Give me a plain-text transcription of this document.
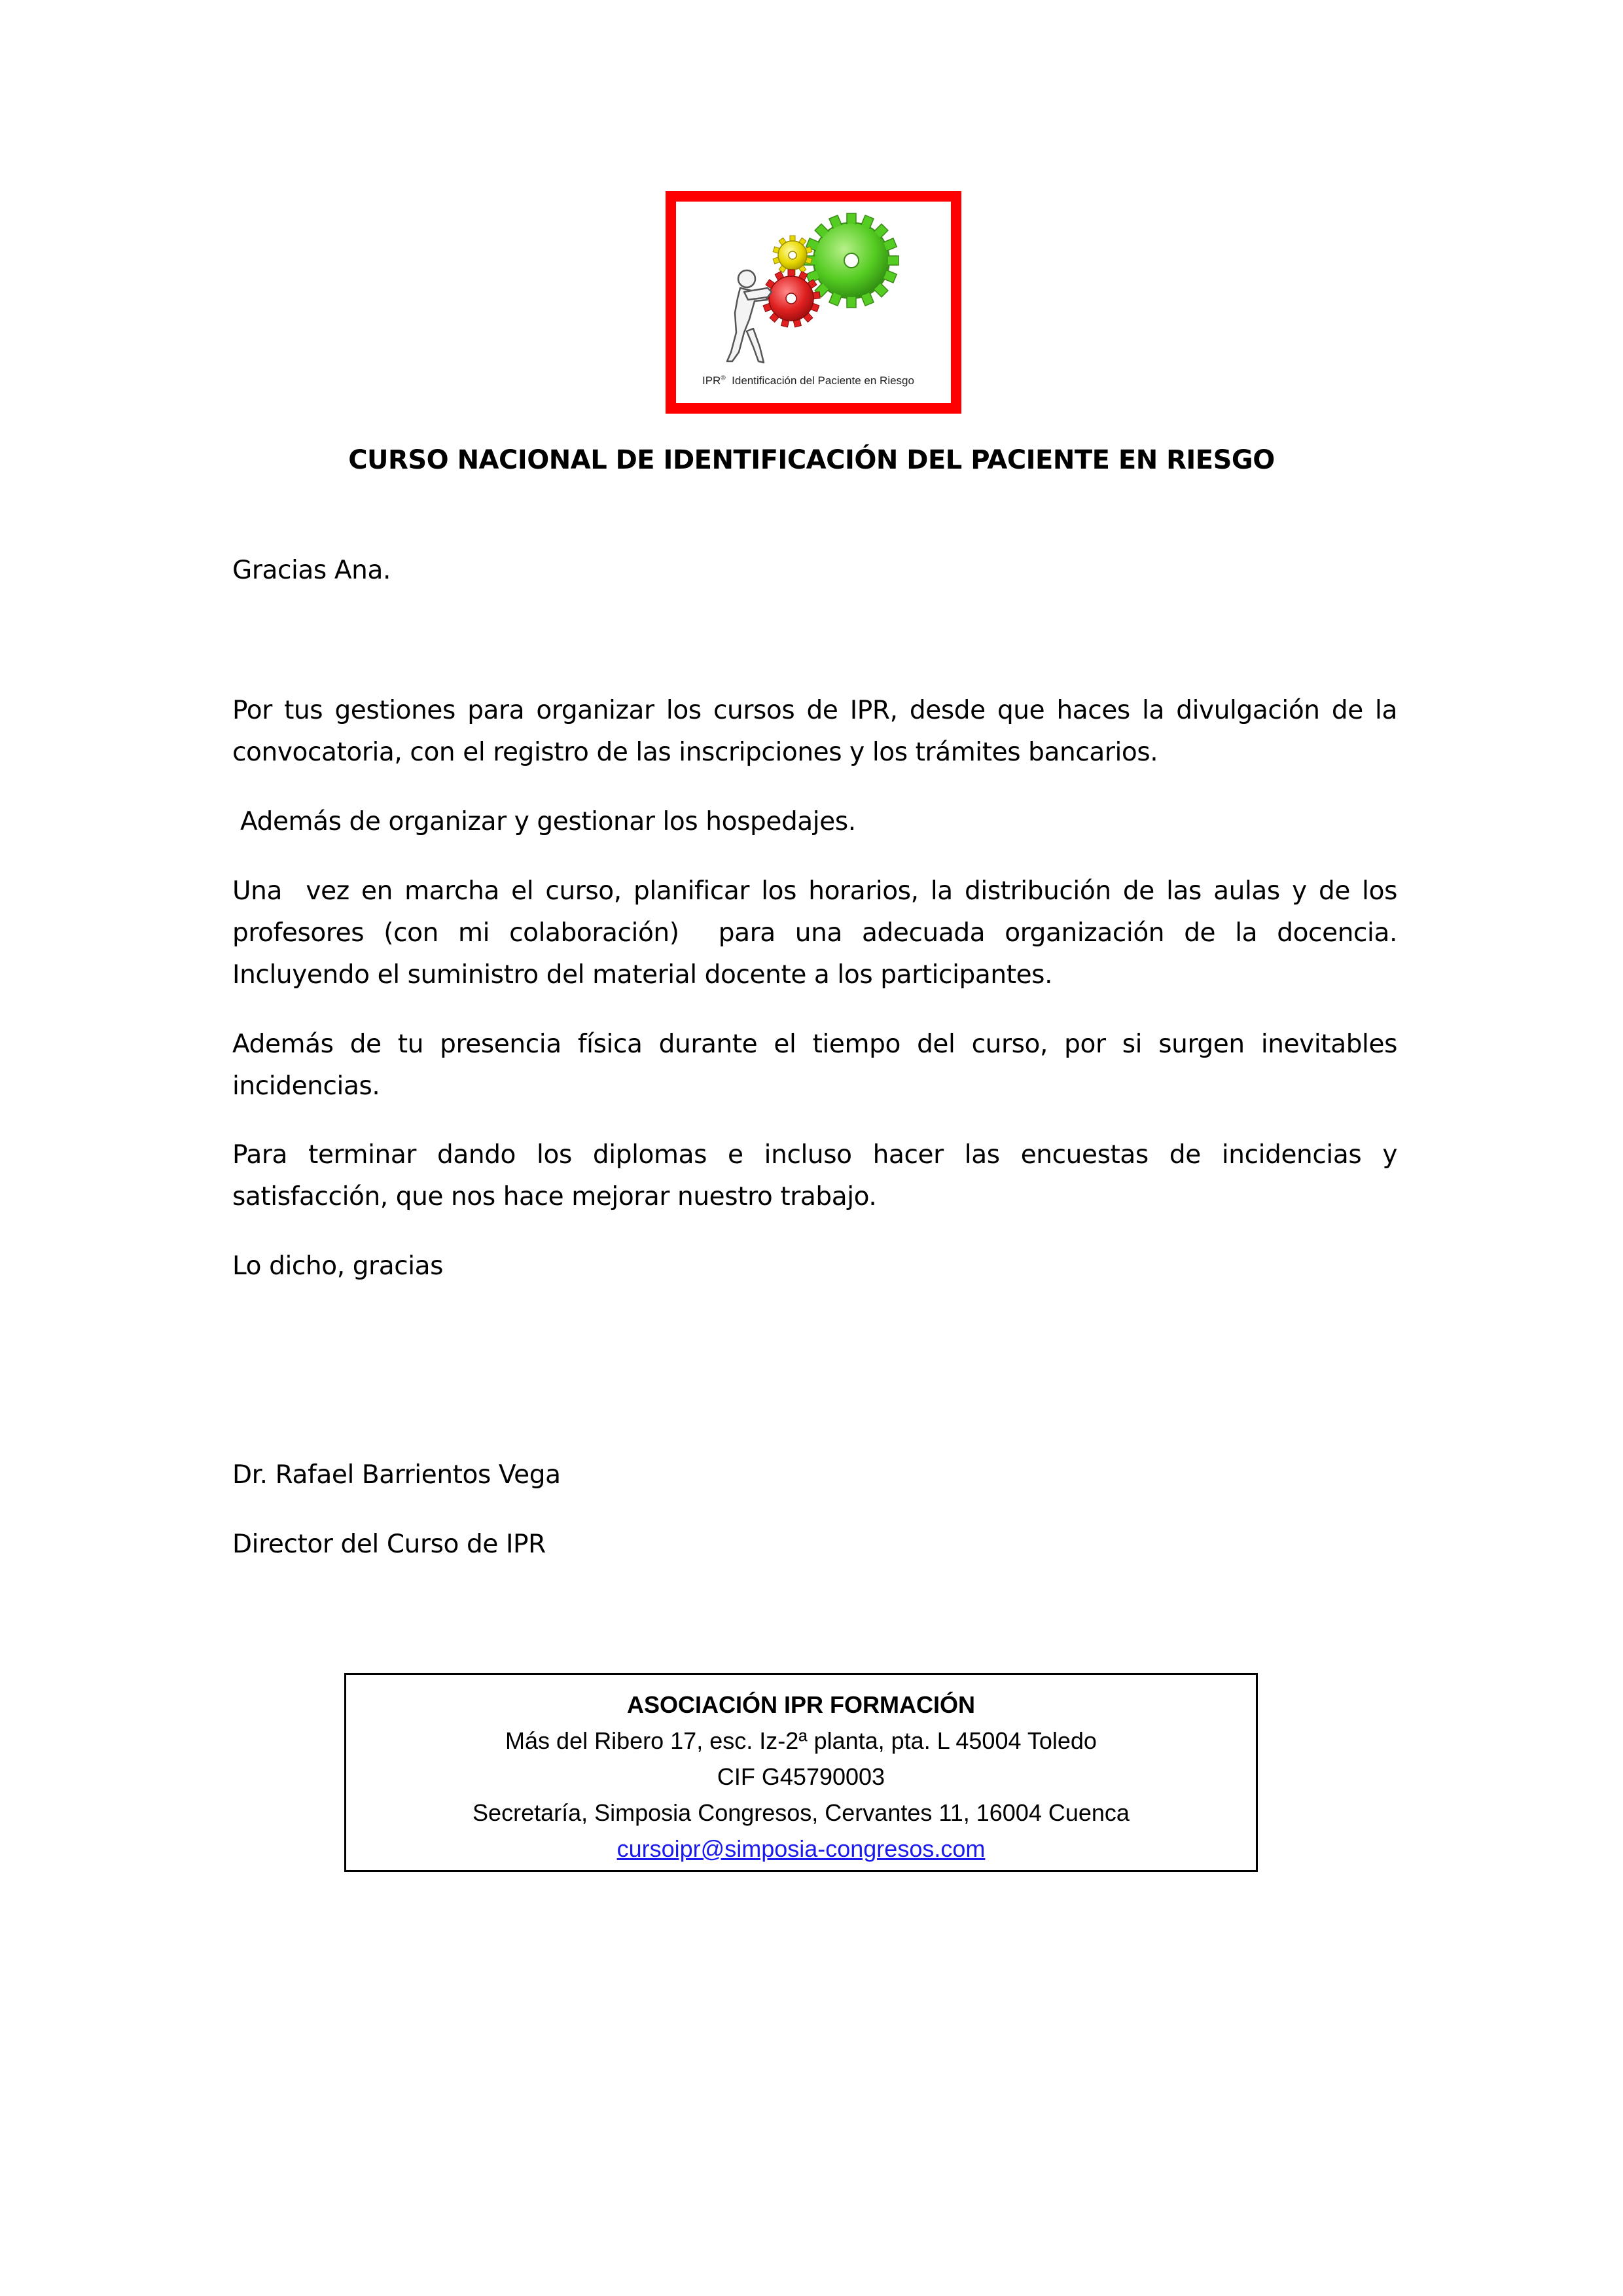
IPR® Identificación del Paciente en Riesgo
CURSO NACIONAL DE IDENTIFICACIÓN DEL PACIENTE EN RIESGO
Gracias Ana.
Por tus gestiones para organizar los cursos de IPR, desde que haces la divulgación de la convocatoria, con el registro de las inscripciones y los trámites bancarios.
Además de organizar y gestionar los hospedajes.
Una  vez en marcha el curso, planificar los horarios, la distribución de las aulas y de los profesores (con mi colaboración)  para una adecuada organización de la docencia. Incluyendo el suministro del material docente a los participantes.
Además de tu presencia física durante el tiempo del curso, por si surgen inevitables incidencias.
Para terminar dando los diplomas e incluso hacer las encuestas de incidencias y satisfacción, que nos hace mejorar nuestro trabajo.
Lo dicho, gracias
Dr. Rafael Barrientos Vega
Director del Curso de IPR
ASOCIACIÓN IPR FORMACIÓN
Más del Ribero 17, esc. Iz-2ª planta, pta. L 45004 Toledo
CIF G45790003
Secretaría, Simposia Congresos, Cervantes 11, 16004 Cuenca
cursoipr@simposia-congresos.com
